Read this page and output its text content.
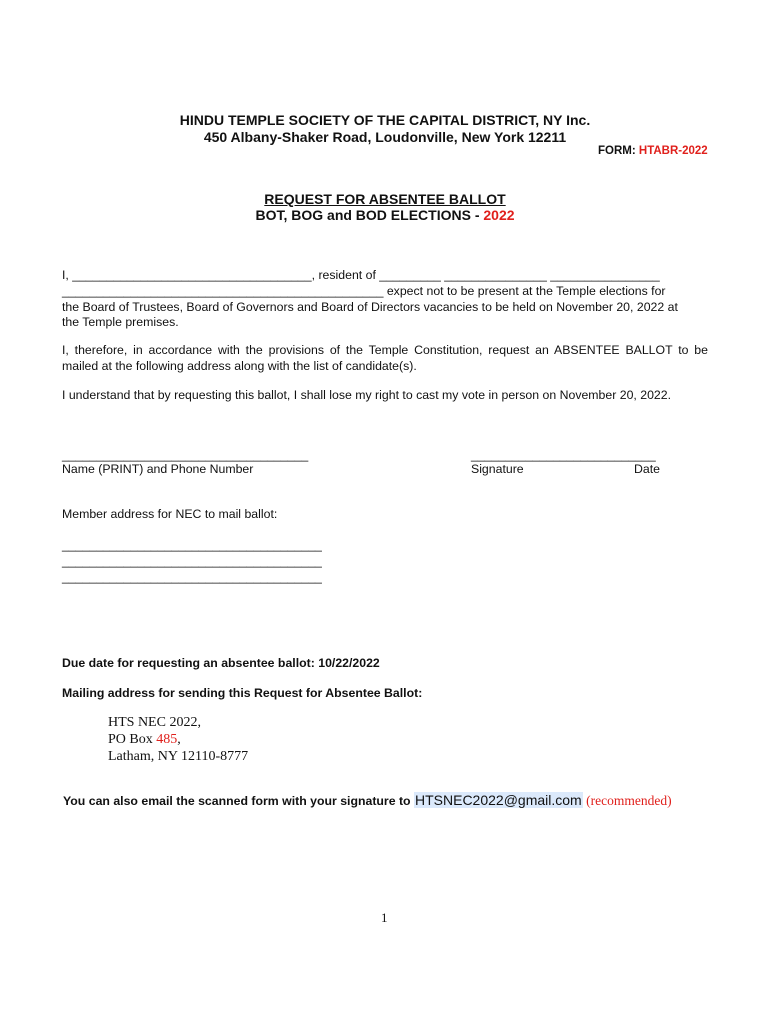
HINDU TEMPLE SOCIETY OF THE CAPITAL DISTRICT, NY Inc.
450 Albany-Shaker Road, Loudonville, New York 12211
FORM: HTABR-2022
REQUEST FOR ABSENTEE BALLOT
BOT, BOG and BOD ELECTIONS - 2022
I, ___________________________________, resident of _________ _______________ ________________
_______________________________________________ expect not to be present at the Temple elections for
the Board of Trustees, Board of Governors and Board of Directors vacancies to be held on November 20, 2022 at
the Temple premises.
I, therefore, in accordance with the provisions of the Temple Constitution, request an ABSENTEE BALLOT to be mailed at the following address along with the list of candidate(s).
I understand that by requesting this ballot, I shall lose my right to cast my vote in person on November 20, 2022.
____________________________________
Name (PRINT) and Phone Number
___________________________
Signature	Date
Member address for NEC to mail ballot:
______________________________________
______________________________________
______________________________________
Due date for requesting an absentee ballot: 10/22/2022
Mailing address for sending this Request for Absentee Ballot:
HTS NEC 2022,
PO Box 485,
Latham, NY 12110-8777
You can also email the scanned form with your signature to HTSNEC2022@gmail.com (recommended)
1
